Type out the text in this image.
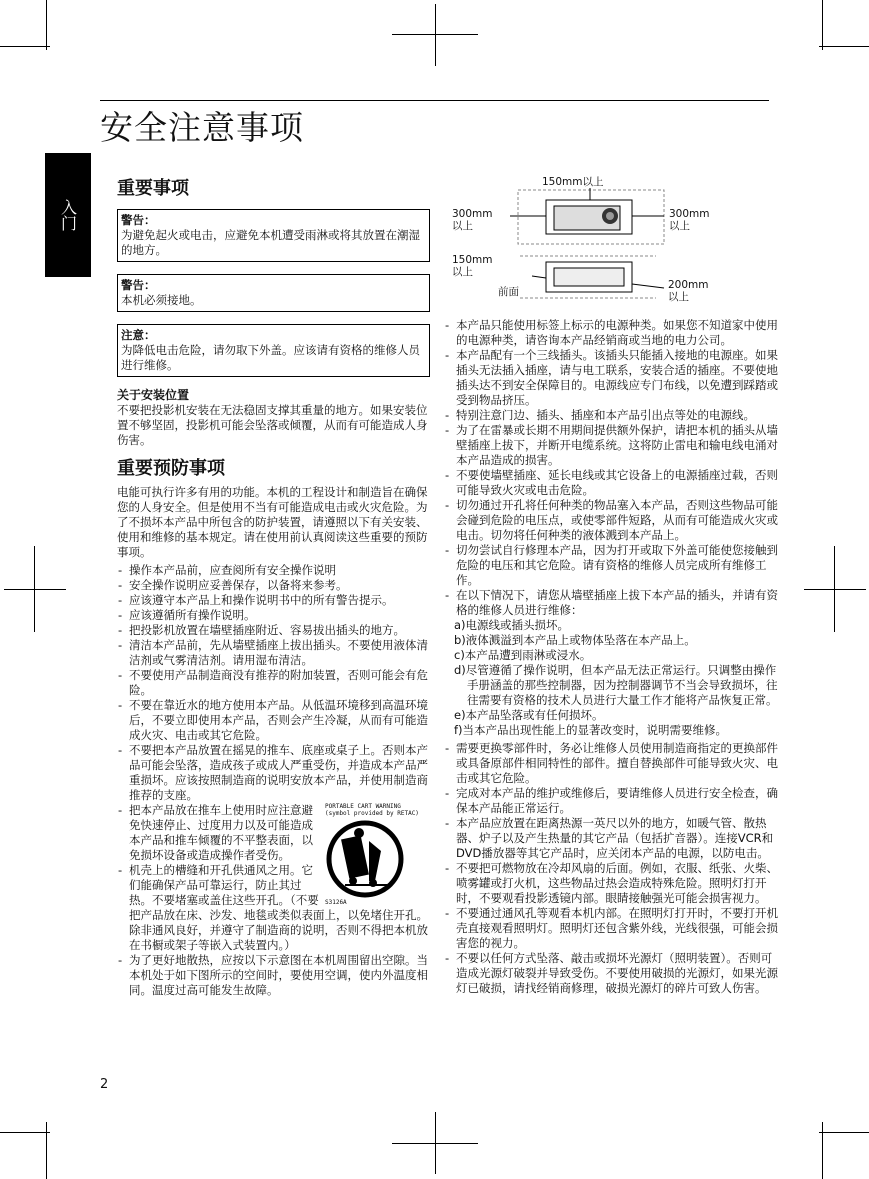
安全注意事项
入门
重要事项
警告：
为避免起火或电击，应避免本机遭受雨淋或将其放置在潮湿的地方。
警告：
本机必须接地。
注意：
为降低电击危险，请勿取下外盖。应该请有资格的维修人员进行维修。
关于安装位置

不要把投影机安装在无法稳固支撑其重量的地方。如果安装位置不够坚固，投影机可能会坠落或倾覆，从而有可能造成人身伤害。

重要预防事项

电能可执行许多有用的功能。本机的工程设计和制造旨在确保您的人身安全。但是使用不当有可能造成电击或火灾危险。为了不损坏本产品中所包含的防护装置，请遵照以下有关安装、使用和维修的基本规定。请在使用前认真阅读这些重要的预防事项。

- 操作本产品前，应查阅所有安全操作说明
- 安全操作说明应妥善保存，以备将来参考。
- 应该遵守本产品上和操作说明书中的所有警告提示。
- 应该遵循所有操作说明。
- 把投影机放置在墙壁插座附近、容易拔出插头的地方。
- 清洁本产品前，先从墙壁插座上拔出插头。不要使用液体清洁剂或气雾清洁剂。请用湿布清洁。
- 不要使用产品制造商没有推荐的附加装置，否则可能会有危险。
- 不要在靠近水的地方使用本产品。从低温环境移到高温环境后，不要立即使用本产品，否则会产生冷凝，从而有可能造成火灾、电击或其它危险。
- 不要把本产品放置在摇晃的推车、底座或桌子上。否则本产品可能会坠落，造成孩子或成人严重受伤，并造成本产品严重损坏。应该按照制造商的说明安放本产品，并使用制造商推荐的支座。
- PORTABLE CART WARNING
(symbol provided by RETAC)
S3126A
把本产品放在推车上使用时应注意避免快速停止、过度用力以及可能造成本产品和推车倾覆的不平整表面，以免损坏设备或造成操作者受伤。
- 机壳上的槽缝和开孔供通风之用。它们能确保产品可靠运行，防止其过热。不要堵塞或盖住这些开孔。（不要把产品放在床、沙发、地毯或类似表面上，以免堵住开孔。除非通风良好，并遵守了制造商的说明，否则不得把本机放在书橱或架子等嵌入式装置内。）
- 为了更好地散热，应按以下示意图在本机周围留出空隙。当本机处于如下图所示的空间时，要使用空调，使内外温度相同。温度过高可能发生故障。
150mm以上
300mm
以上
300mm
以上
150mm
以上
前面
200mm
以上
- 本产品只能使用标签上标示的电源种类。如果您不知道家中使用的电源种类，请咨询本产品经销商或当地的电力公司。
- 本产品配有一个三线插头。该插头只能插入接地的电源座。如果插头无法插入插座，请与电工联系，安装合适的插座。不要使地插头达不到安全保障目的。电源线应专门布线，以免遭到踩踏或受到物品挤压。
- 特别注意门边、插头、插座和本产品引出点等处的电源线。
- 为了在雷暴或长期不用期间提供额外保护，请把本机的插头从墙壁插座上拔下，并断开电缆系统。这将防止雷电和输电线电涌对本产品造成的损害。
- 不要使墙壁插座、延长电线或其它设备上的电源插座过载，否则可能导致火灾或电击危险。
- 切勿通过开孔将任何种类的物品塞入本产品，否则这些物品可能会碰到危险的电压点，或使零部件短路，从而有可能造成火灾或电击。切勿将任何种类的液体溅到本产品上。
- 切勿尝试自行修理本产品，因为打开或取下外盖可能使您接触到危险的电压和其它危险。请有资格的维修人员完成所有维修工作。
- 在以下情况下，请您从墙壁插座上拔下本产品的插头，并请有资格的维修人员进行维修：
a)电源线或插头损坏。
b)液体溅溢到本产品上或物体坠落在本产品上。
c)本产品遭到雨淋或浸水。
d)尽管遵循了操作说明，但本产品无法正常运行。只调整由操作手册涵盖的那些控制器，因为控制器调节不当会导致损坏，往往需要有资格的技术人员进行大量工作才能将产品恢复正常。
e)本产品坠落或有任何损坏。
f)当本产品出现性能上的显著改变时，说明需要维修。
- 需要更换零部件时，务必让维修人员使用制造商指定的更换部件或具备原部件相同特性的部件。擅自替换部件可能导致火灾、电击或其它危险。
- 完成对本产品的维护或维修后，要请维修人员进行安全检查，确保本产品能正常运行。
- 本产品应放置在距离热源一英尺以外的地方，如暖气管、散热器、炉子以及产生热量的其它产品（包括扩音器）。连接VCR和DVD播放器等其它产品时，应关闭本产品的电源，以防电击。
- 不要把可燃物放在冷却风扇的后面。例如，衣服、纸张、火柴、喷雾罐或打火机，这些物品过热会造成特殊危险。照明灯打开时，不要观看投影透镜内部。眼睛接触强光可能会损害视力。
- 不要通过通风孔等观看本机内部。在照明灯打开时，不要打开机壳直接观看照明灯。照明灯还包含紫外线，光线很强，可能会损害您的视力。
- 不要以任何方式坠落、敲击或损坏光源灯（照明装置）。否则可造成光源灯破裂并导致受伤。不要使用破损的光源灯，如果光源灯已破损，请找经销商修理，破损光源灯的碎片可致人伤害。
2
